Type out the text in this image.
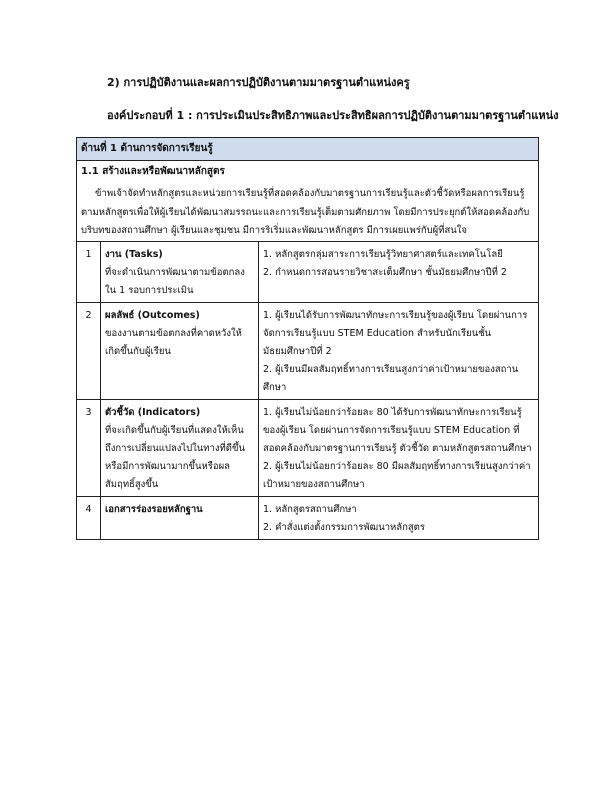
2) การปฏิบัติงานและผลการปฏิบัติงานตามมาตรฐานตำแหน่งครู
องค์ประกอบที่ 1 : การประเมินประสิทธิภาพและประสิทธิผลการปฏิบัติงานตามมาตรฐานตำแหน่ง
ด้านที่ 1 ด้านการจัดการเรียนรู้		
1.1 สร้างและหรือพัฒนาหลักสูตร		
ข้าพเจ้าจัดทำหลักสูตรและหน่วยการเรียนรู้ที่สอดคล้องกับมาตรฐานการเรียนรู้และตัวชี้วัดหรือผลการเรียนรู้ ตามหลักสูตรเพื่อให้ผู้เรียนได้พัฒนาสมรรถนะและการเรียนรู้เต็มตามศักยภาพ โดยมีการประยุกต์ให้สอดคล้องกับบริบทของสถานศึกษา ผู้เรียนและชุมชน มีการริเริ่มและพัฒนาหลักสูตร มีการเผยแพร่กับผู้ที่สนใจ		
1	งาน (Tasks)
ที่จะดำเนินการพัฒนาตามข้อตกลงใน 1 รอบการประเมิน	1. หลักสูตรกลุ่มสาระการเรียนรู้วิทยาศาสตร์และเทคโนโลยี
2. กำหนดการสอนรายวิชาสะเต็มศึกษา ชั้นมัธยมศึกษาปีที่ 2

2	ผลลัพธ์ (Outcomes)
ของงานตามข้อตกลงที่คาดหวังให้เกิดขึ้นกับผู้เรียน	1. ผู้เรียนได้รับการพัฒนาทักษะการเรียนรู้ของผู้เรียน โดยผ่านการจัดการเรียนรู้แบบ STEM Education สำหรับนักเรียนชั้นมัธยมศึกษาปีที่ 2
2. ผู้เรียนมีผลสัมฤทธิ์ทางการเรียนสูงกว่าค่าเป้าหมายของสถานศึกษา

3	ตัวชี้วัด (Indicators)
ที่จะเกิดขึ้นกับผู้เรียนที่แสดงให้เห็นถึงการเปลี่ยนแปลงไปในทางที่ดีขึ้นหรือมีการพัฒนามากขึ้นหรือผลสัมฤทธิ์สูงขึ้น	1. ผู้เรียนไม่น้อยกว่าร้อยละ 80 ได้รับการพัฒนาทักษะการเรียนรู้ของผู้เรียน โดยผ่านการจัดการเรียนรู้แบบ STEM Education ที่สอดคล้องกับมาตรฐานการเรียนรู้ ตัวชี้วัด ตามหลักสูตรสถานศึกษา
2. ผู้เรียนไม่น้อยกว่าร้อยละ 80 มีผลสัมฤทธิ์ทางการเรียนสูงกว่าค่าเป้าหมายของสถานศึกษา

4	เอกสารร่องรอยหลักฐาน	1. หลักสูตรสถานศึกษา
2. คำสั่งแต่งตั้งกรรมการพัฒนาหลักสูตร
